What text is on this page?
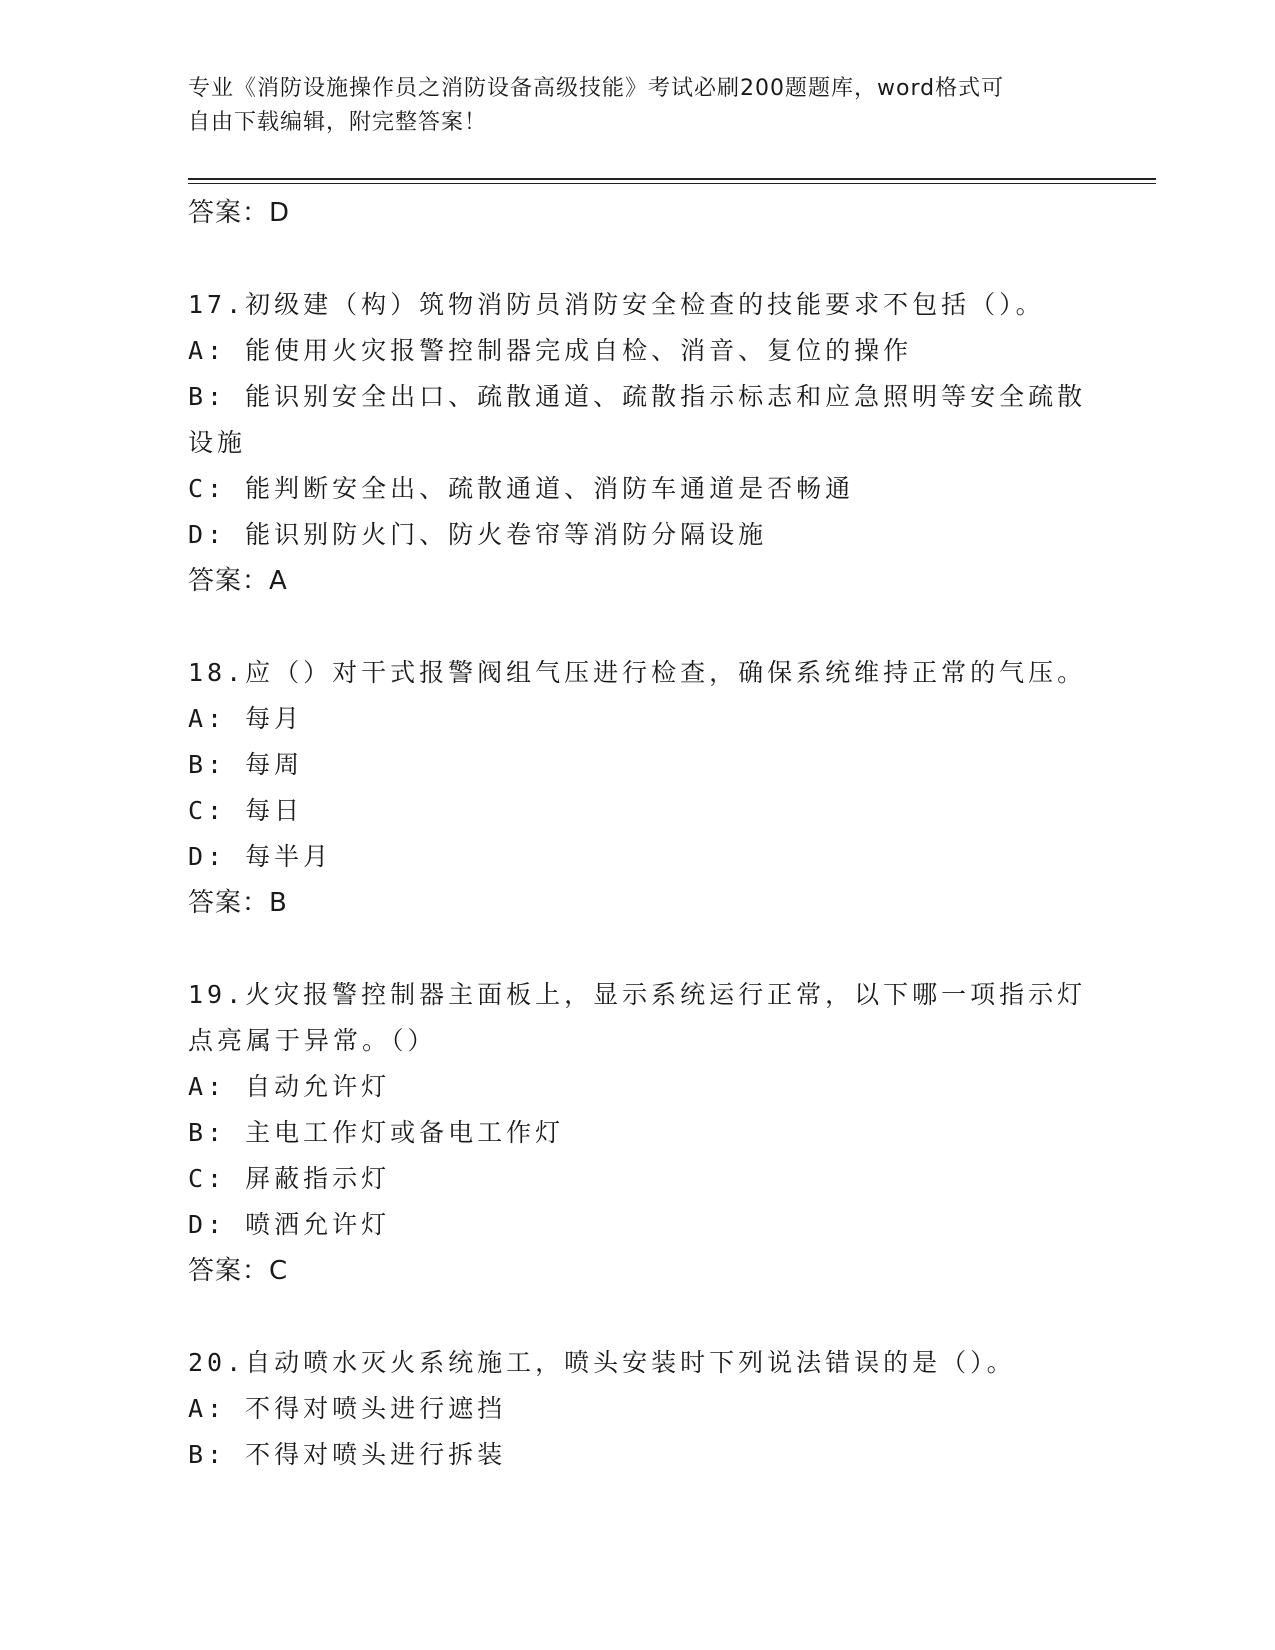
专业《消防设施操作员之消防设备高级技能》考试必刷200题题库，word格式可
自由下载编辑，附完整答案！
答案：D
17.初级建（构）筑物消防员消防安全检查的技能要求不包括（）。
A: 能使用火灾报警控制器完成自检、消音、复位的操作
B: 能识别安全出口、疏散通道、疏散指示标志和应急照明等安全疏散设施
C: 能判断安全出、疏散通道、消防车通道是否畅通
D: 能识别防火门、防火卷帘等消防分隔设施
答案：A
18.应（）对干式报警阀组气压进行检查，确保系统维持正常的气压。
A: 每月
B: 每周
C: 每日
D: 每半月
答案：B
19.火灾报警控制器主面板上，显示系统运行正常，以下哪一项指示灯点亮属于异常。（）
A: 自动允许灯
B: 主电工作灯或备电工作灯
C: 屏蔽指示灯
D: 喷洒允许灯
答案：C
20.自动喷水灭火系统施工，喷头安装时下列说法错误的是（）。
A: 不得对喷头进行遮挡
B: 不得对喷头进行拆装
